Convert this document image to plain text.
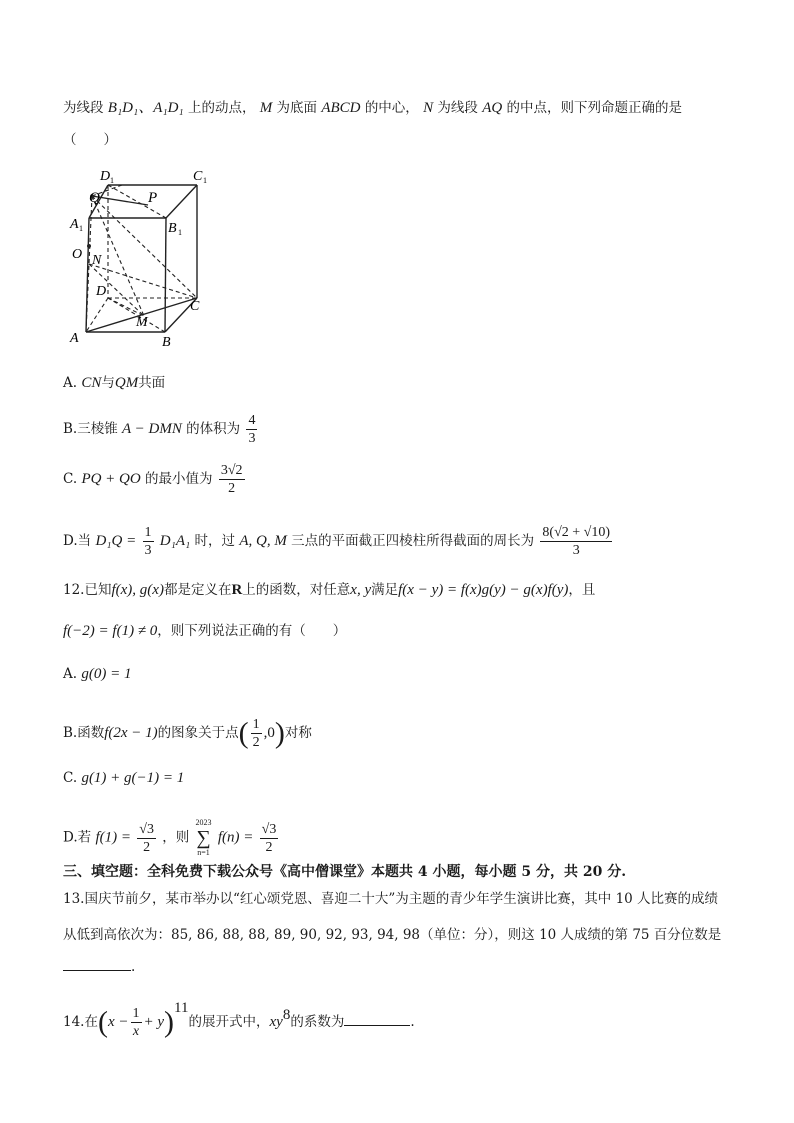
为线段 B₁D₁、A₁D₁ 上的动点， M 为底面 ABCD 的中心， N 为线段 AQ 的中点，则下列命题正确的是
（　　）
D 1	C 1
Q	P
A 1	B 1
O N
D
C
M
A	B
A. CN与QM共面
B.三棱锥 A − DMN 的体积为 $\frac{4}{3}$
C. PQ + QO 的最小值为 $\frac{3√2}{2}$
D.当 $D_1Q = \frac{1}{3} D_1A_1$ 时，过 A, Q, M 三点的平面截正四棱柱所得截面的周长为 $\frac{8(√2 + √10)}{3}$
12.已知f(x), g(x)都是定义在R上的函数，对任意x, y满足f(x − y) = f(x)g(y) − g(x)f(y)，且
f(−2) = f(1) ≠ 0，则下列说法正确的有（　　）
A. g(0) = 1
B.函数f(2x − 1)的图象关于点( $\frac{1}{2} ,0$)对称
C. g(1) + g(−1) = 1
D.若 $f(1) = \frac{√3}{2}$ ，则
2023
∑
n=1
$f(n) = \frac{√3}{2}$
三、填空题：全科免费下载公众号《高中僧课堂》本题共 4 小题，每小题 5 分，共 20 分.
13.国庆节前夕，某市举办以“红心颂党恩、喜迎二十大”为主题的青少年学生演讲比赛，其中 10 人比赛的成绩
从低到高依次为：85, 86, 88, 88, 89, 90, 92, 93, 94, 98（单位：分），则这 10 人成绩的第 75 百分位数是
.
14.在$(x - \frac{1}{x} + y)11$的展开式中，xy8的系数为	.
